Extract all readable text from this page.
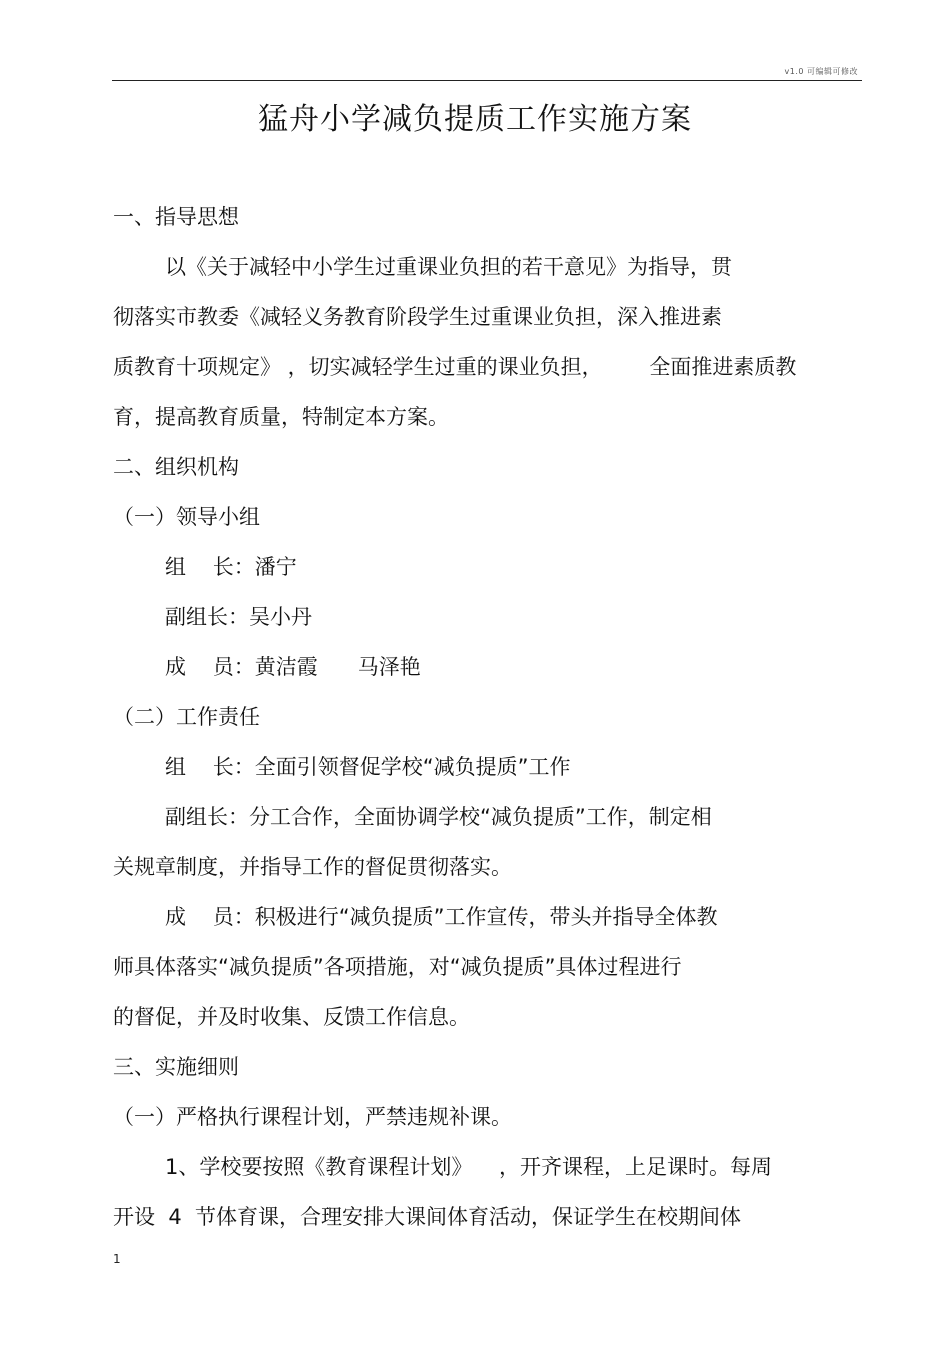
v1.0 可编辑可修改
猛舟小学减负提质工作实施方案
一、指导思想
以《关于减轻中小学生过重课业负担的若干意见》为指导，贯
彻落实市教委《减轻义务教育阶段学生过重课业负担，深入推进素
质教育十项规定》 ，切实减轻学生过重的课业负担，       全面推进素质教
育，提高教育质量，特制定本方案。
二、组织机构
（一）领导小组
组    长：潘宁
副组长：吴小丹
成    员：黄洁霞      马泽艳
（二）工作责任
组    长：全面引领督促学校“减负提质”工作
副组长：分工合作，全面协调学校“减负提质”工作，制定相
关规章制度，并指导工作的督促贯彻落实。
成    员：积极进行“减负提质”工作宣传，带头并指导全体教
师具体落实“减负提质”各项措施，对“减负提质”具体过程进行
的督促，并及时收集、反馈工作信息。
三、实施细则
（一）严格执行课程计划，严禁违规补课。
1、学校要按照《教育课程计划》    ，开齐课程，上足课时。每周
开设  4  节体育课，合理安排大课间体育活动，保证学生在校期间体
1
